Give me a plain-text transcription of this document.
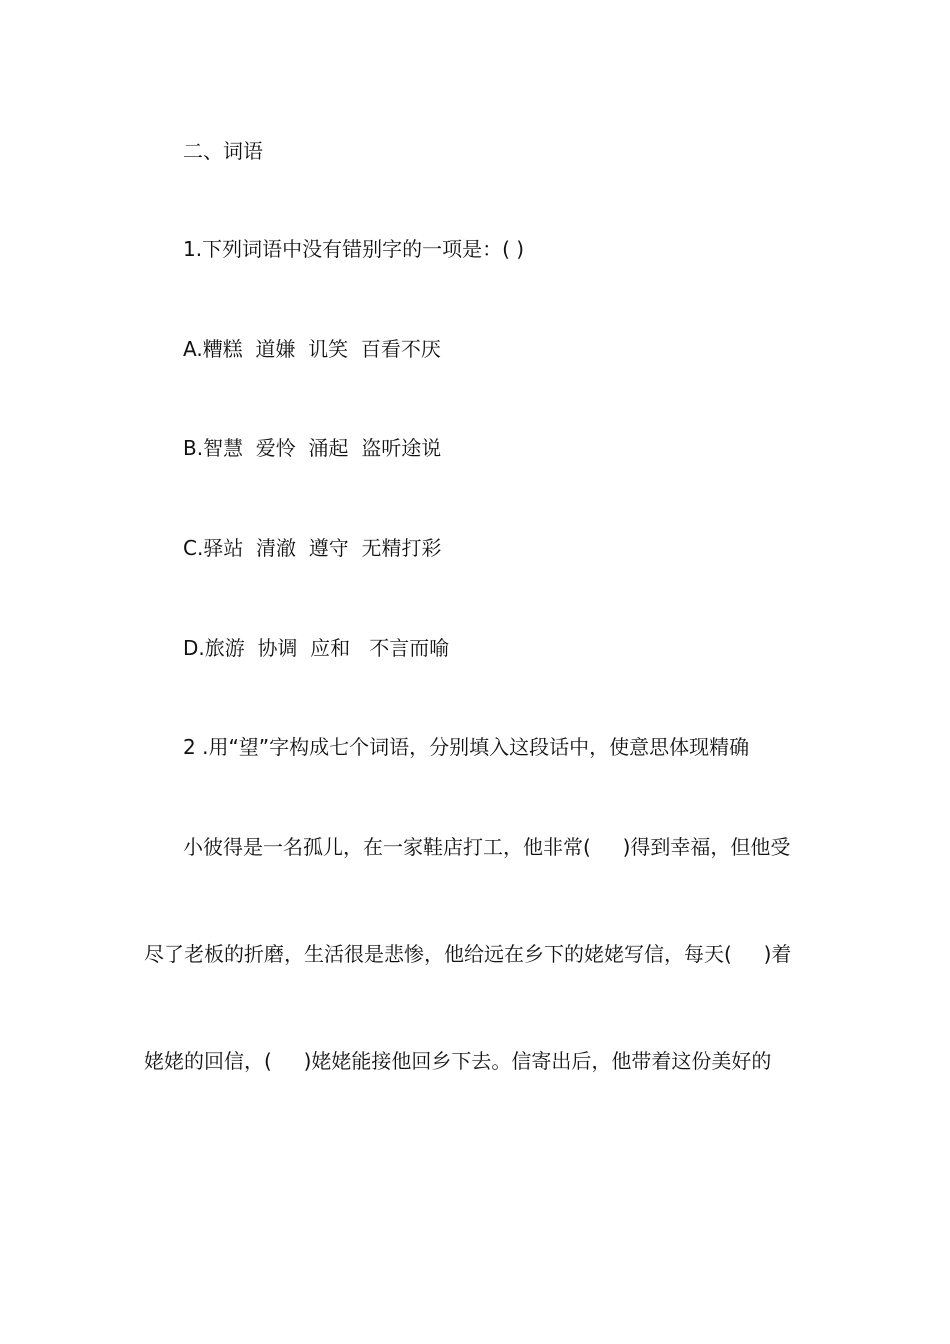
二、词语

1.下列词语中没有错别字的一项是：( )

A.糟糕  道嫌  讥笑  百看不厌

B.智慧  爱怜  涌起  盗听途说

C.驿站  清澈  遵守  无精打彩

D.旅游  协调  应和   不言而喻

2 .用“望”字构成七个词语，分别填入这段话中，使意思体现精确

小彼得是一名孤儿，在一家鞋店打工，他非常(     )得到幸福，但他受

尽了老板的折磨，生活很是悲惨，他给远在乡下的姥姥写信，每天(     )着

姥姥的回信，(     )姥姥能接他回乡下去。信寄出后，他带着这份美好的
